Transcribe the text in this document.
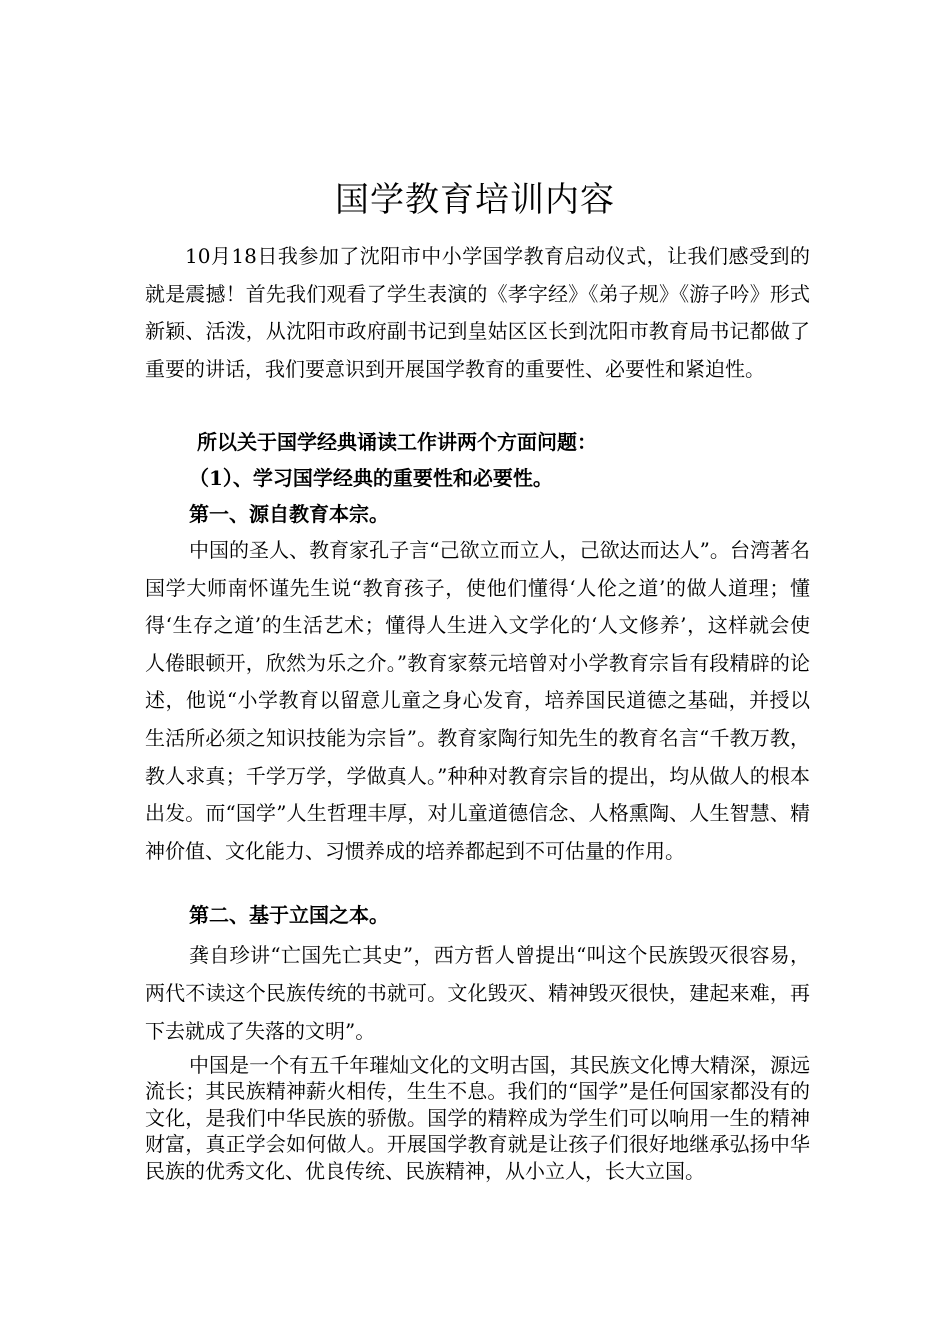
国学教育培训内容

10月18日我参加了沈阳市中小学国学教育启动仪式，让我们感受到的就是震撼！首先我们观看了学生表演的《孝字经》《弟子规》《游子吟》形式新颖、活泼，从沈阳市政府副书记到皇姑区区长到沈阳市教育局书记都做了重要的讲话，我们要意识到开展国学教育的重要性、必要性和紧迫性。

所以关于国学经典诵读工作讲两个方面问题：

（1）、学习国学经典的重要性和必要性。

第一、源自教育本宗。

中国的圣人、教育家孔子言“己欲立而立人，己欲达而达人”。台湾著名国学大师南怀谨先生说“教育孩子，使他们懂得‘人伦之道’的做人道理；懂得‘生存之道’的生活艺术；懂得人生进入文学化的‘人文修养’，这样就会使人倦眼顿开，欣然为乐之介。”教育家蔡元培曾对小学教育宗旨有段精辟的论述，他说“小学教育以留意儿童之身心发育，培养国民道德之基础，并授以生活所必须之知识技能为宗旨”。教育家陶行知先生的教育名言“千教万教，教人求真；千学万学，学做真人。”种种对教育宗旨的提出，均从做人的根本出发。而“国学”人生哲理丰厚，对儿童道德信念、人格熏陶、人生智慧、精神价值、文化能力、习惯养成的培养都起到不可估量的作用。

第二、基于立国之本。

龚自珍讲“亡国先亡其史”，西方哲人曾提出“叫这个民族毁灭很容易，两代不读这个民族传统的书就可。文化毁灭、精神毁灭很快，建起来难，再下去就成了失落的文明”。

中国是一个有五千年璀灿文化的文明古国，其民族文化博大精深，源远流长；其民族精神薪火相传，生生不息。我们的“国学”是任何国家都没有的文化，是我们中华民族的骄傲。国学的精粹成为学生们可以响用一生的精神财富，真正学会如何做人。开展国学教育就是让孩子们很好地继承弘扬中华民族的优秀文化、优良传统、民族精神，从小立人，长大立国。
